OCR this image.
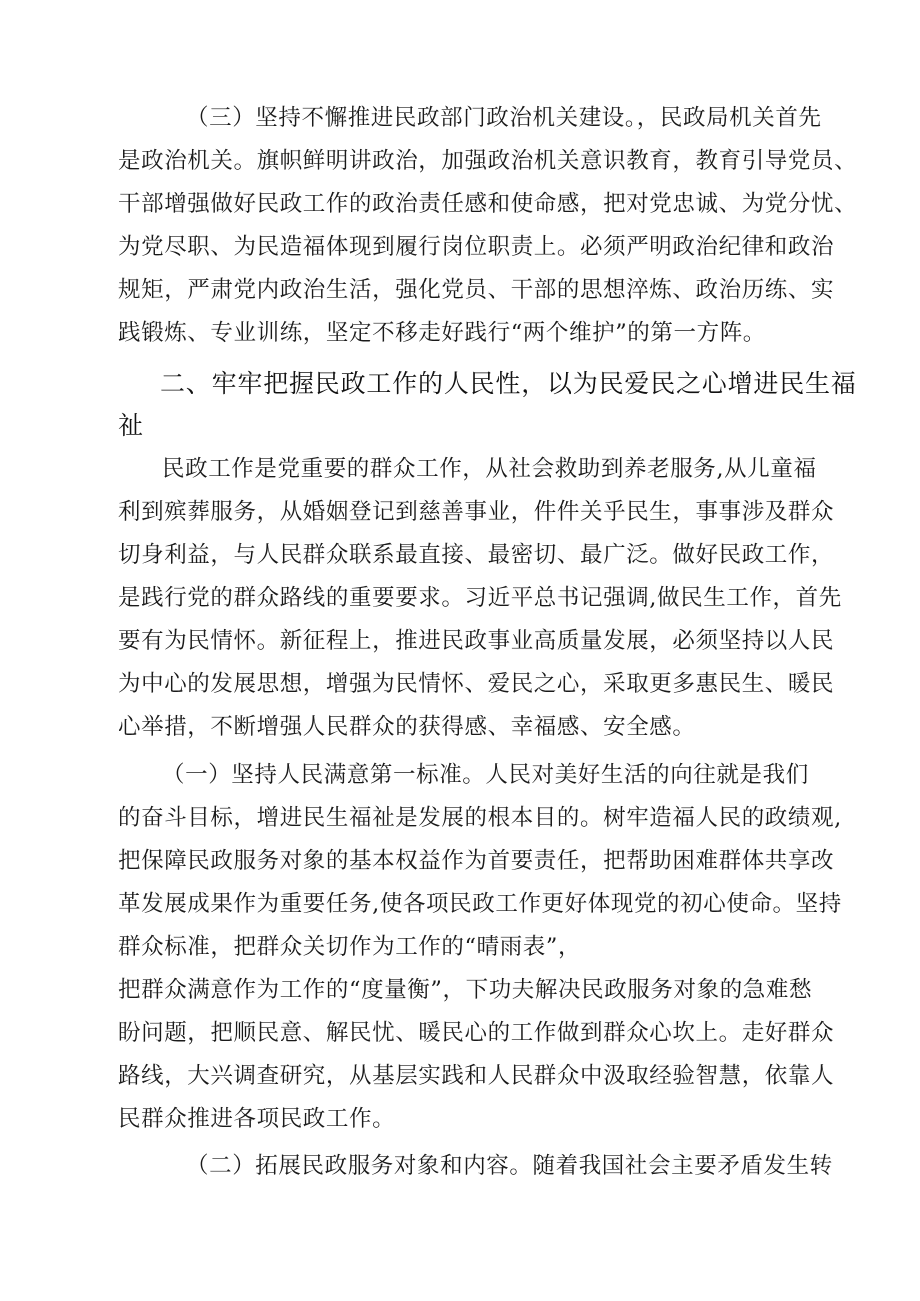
（三）坚持不懈推进民政部门政治机关建设。，民政局机关首先
是政治机关。旗帜鲜明讲政治，加强政治机关意识教育，教育引导党员、
干部增强做好民政工作的政治责任感和使命感，把对党忠诚、为党分忧、
为党尽职、为民造福体现到履行岗位职责上。必须严明政治纪律和政治
规矩，严肃党内政治生活，强化党员、干部的思想淬炼、政治历练、实
践锻炼、专业训练，坚定不移走好践行“两个维护”的第一方阵。
二、牢牢把握民政工作的人民性，以为民爱民之心增进民生福
祉
民政工作是党重要的群众工作，从社会救助到养老服务,从儿童福
利到殡葬服务，从婚姻登记到慈善事业，件件关乎民生，事事涉及群众
切身利益，与人民群众联系最直接、最密切、最广泛。做好民政工作，
是践行党的群众路线的重要要求。习近平总书记强调,做民生工作，首先
要有为民情怀。新征程上，推进民政事业高质量发展，必须坚持以人民
为中心的发展思想，增强为民情怀、爱民之心，采取更多惠民生、暖民
心举措，不断增强人民群众的获得感、幸福感、安全感。
（一）坚持人民满意第一标准。人民对美好生活的向往就是我们
的奋斗目标，增进民生福祉是发展的根本目的。树牢造福人民的政绩观,
把保障民政服务对象的基本权益作为首要责任，把帮助困难群体共享改
革发展成果作为重要任务,使各项民政工作更好体现党的初心使命。坚持
群众标准，把群众关切作为工作的“晴雨表”，
把群众满意作为工作的“度量衡”，下功夫解决民政服务对象的急难愁
盼问题，把顺民意、解民忧、暖民心的工作做到群众心坎上。走好群众
路线，大兴调查研究，从基层实践和人民群众中汲取经验智慧，依靠人
民群众推进各项民政工作。
（二）拓展民政服务对象和内容。随着我国社会主要矛盾发生转
